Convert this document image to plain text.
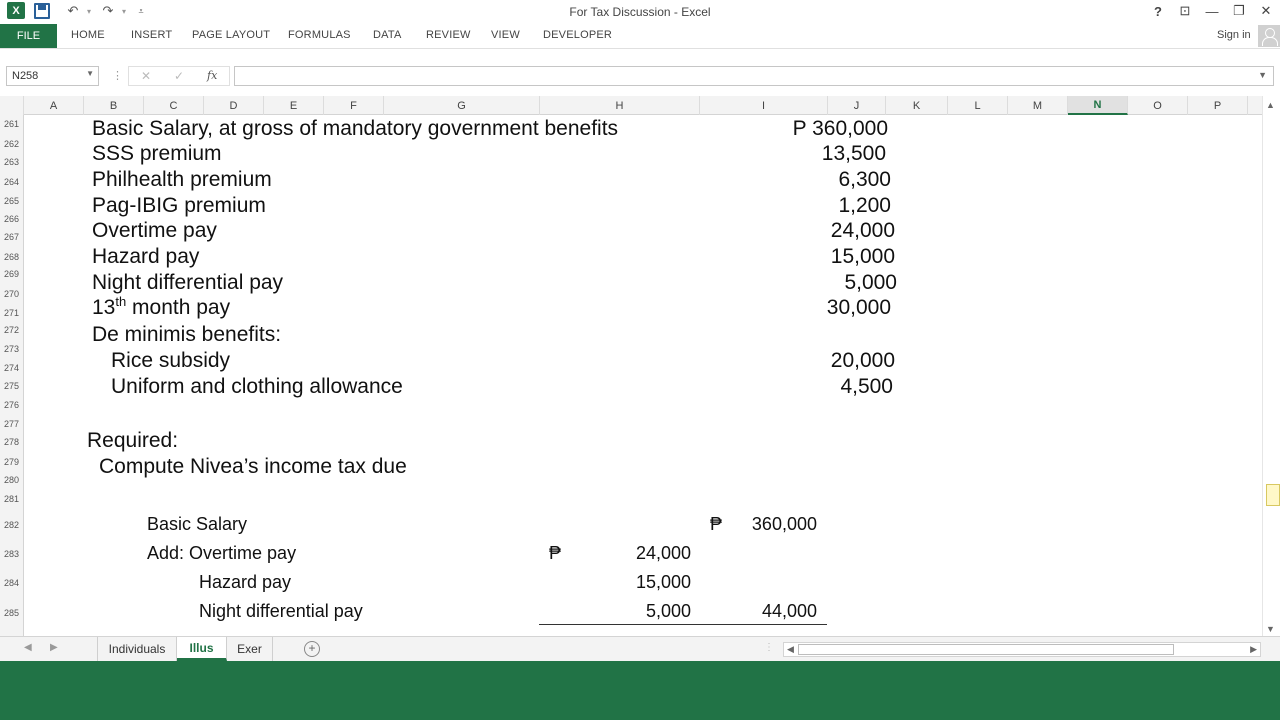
X	↶	▾ ↷	▾	⩡	For Tax Discussion - Excel	?	⊡ — ❐ ✕
FILE	HOME INSERT PAGE LAYOUT FORMULAS DATA REVIEW VIEW DEVELOPER	Sign in
N258	▼ ⋮ ✕ ✓ fx	▼
A	B	C	D	E	F	G	H	I	J	K	L	M	N	O	P
261
262
263
264
265
266
267
268
269
270
271
272
273
274
275
276
277
278
279
280
281
282
283
284
285
Basic Salary, at gross of mandatory government benefits	P 360,000
SSS premium	13,500
Philhealth premium	6,300
Pag-IBIG premium	1,200
Overtime pay	24,000
Hazard pay	15,000
Night differential pay	5,000
13th month pay	30,000
De minimis benefits:
Rice subsidy	20,000
Uniform and clothing allowance	4,500
Required:
Compute Nivea’s income tax due
Basic Salary	₱	360,000
Add: Overtime pay	₱	24,000
Hazard pay	15,000
Night differential pay	5,000	44,000
▲
▼
◀ ▶	Individuals	Illus	Exer	+	⋮ ◀	▶
